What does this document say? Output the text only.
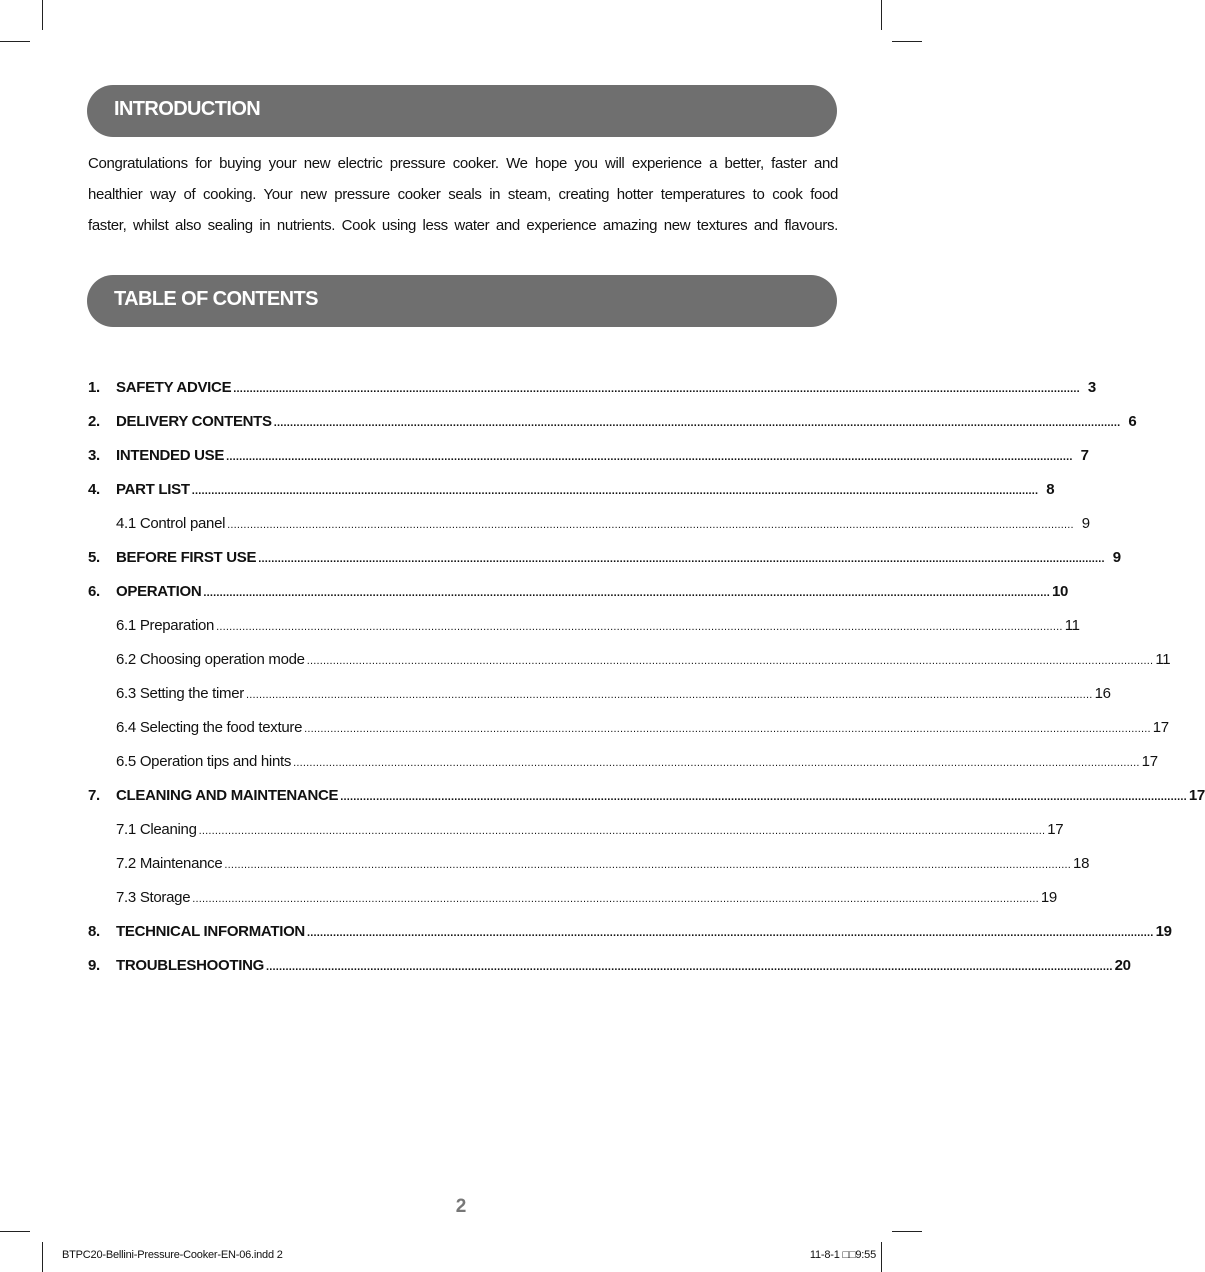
INTRODUCTION
Congratulations for buying your new electric pressure cooker. We hope you will experience a better, faster and
healthier way of cooking. Your new pressure cooker seals in steam, creating hotter temperatures to cook food
faster, whilst also sealing in nutrients. Cook using less water and experience amazing new textures and flavours.
TABLE OF CONTENTS
1.	SAFETY ADVICE .................................................................................................................................................................................................................................................................... 3
2.	DELIVERY CONTENTS .................................................................................................................................................................................................................................................................... 6
3.	INTENDED USE .................................................................................................................................................................................................................................................................... 7
4.	PART LIST .................................................................................................................................................................................................................................................................... 8
4.1 Control panel .................................................................................................................................................................................................................................................................... 9
5.	BEFORE FIRST USE .................................................................................................................................................................................................................................................................... 9
6.	OPERATION .................................................................................................................................................................................................................................................................... 10
6.1 Preparation .................................................................................................................................................................................................................................................................... 11
6.2 Choosing operation mode .................................................................................................................................................................................................................................................................... 11
6.3 Setting the timer .................................................................................................................................................................................................................................................................... 16
6.4 Selecting the food texture .................................................................................................................................................................................................................................................................... 17
6.5 Operation tips and hints .................................................................................................................................................................................................................................................................... 17
7.	CLEANING AND MAINTENANCE .................................................................................................................................................................................................................................................................... 17
7.1 Cleaning .................................................................................................................................................................................................................................................................... 17
7.2 Maintenance .................................................................................................................................................................................................................................................................... 18
7.3 Storage .................................................................................................................................................................................................................................................................... 19
8.	TECHNICAL INFORMATION .................................................................................................................................................................................................................................................................... 19
9.	TROUBLESHOOTING .................................................................................................................................................................................................................................................................... 20
2
BTPC20-Bellini-Pressure-Cooker-EN-06.indd 2	11-8-1 □□9:55
